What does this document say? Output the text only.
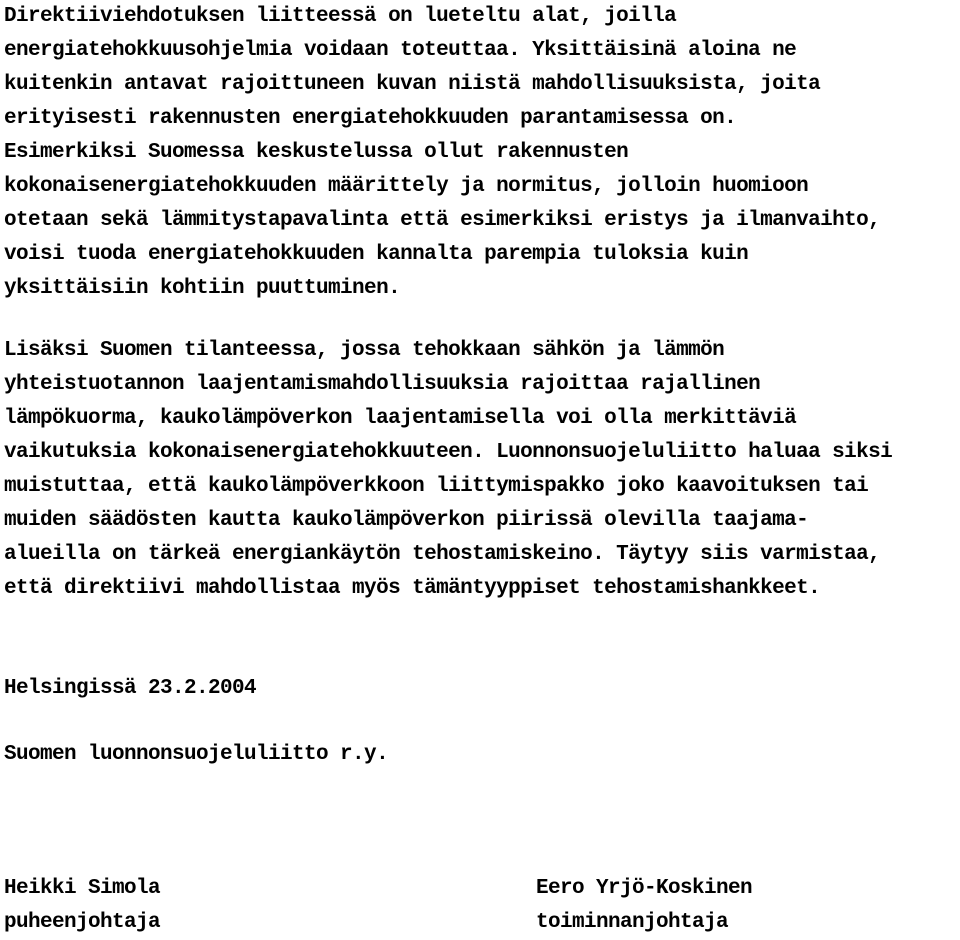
Direktiiviehdotuksen liitteessä on lueteltu alat, joilla
energiatehokkuusohjelmia voidaan toteuttaa. Yksittäisinä aloina ne
kuitenkin antavat rajoittuneen kuvan niistä mahdollisuuksista, joita
erityisesti rakennusten energiatehokkuuden parantamisessa on.
Esimerkiksi Suomessa keskustelussa ollut rakennusten
kokonaisenergiatehokkuuden määrittely ja normitus, jolloin huomioon
otetaan sekä lämmitystapavalinta että esimerkiksi eristys ja ilmanvaihto,
voisi tuoda energiatehokkuuden kannalta parempia tuloksia kuin
yksittäisiin kohtiin puuttuminen.

Lisäksi Suomen tilanteessa, jossa tehokkaan sähkön ja lämmön
yhteistuotannon laajentamismahdollisuuksia rajoittaa rajallinen
lämpökuorma, kaukolämpöverkon laajentamisella voi olla merkittäviä
vaikutuksia kokonaisenergiatehokkuuteen. Luonnonsuojeluliitto haluaa siksi
muistuttaa, että kaukolämpöverkkoon liittymispakko joko kaavoituksen tai
muiden säädösten kautta kaukolämpöverkon piirissä olevilla taajama-
alueilla on tärkeä energiankäytön tehostamiskeino. Täytyy siis varmistaa,
että direktiivi mahdollistaa myös tämäntyyppiset tehostamishankkeet.

Helsingissä 23.2.2004

Suomen luonnonsuojeluliitto r.y.

Heikki Simola
puheenjohtaja
Eero Yrjö-Koskinen
toiminnanjohtaja
